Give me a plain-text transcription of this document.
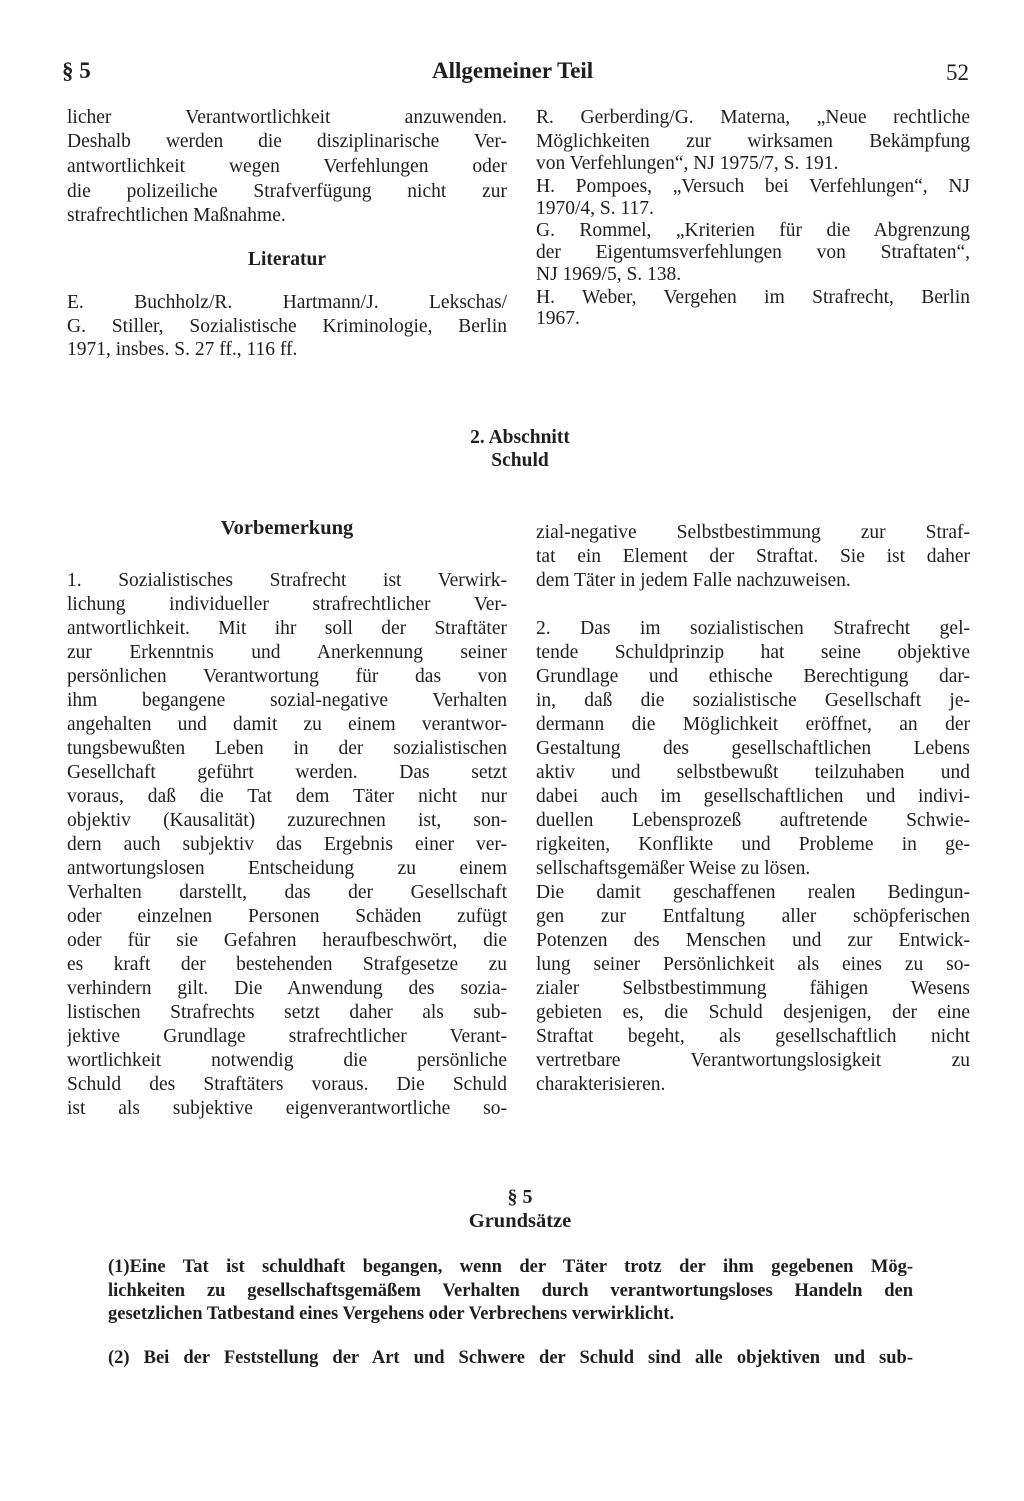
§ 5	Allgemeiner Teil	52
licher Verantwortlichkeit anzuwenden.
Deshalb werden die disziplinarische Ver-
antwortlichkeit wegen Verfehlungen oder
die polizeiliche Strafverfügung nicht zur
strafrechtlichen Maßnahme.
Literatur
E. Buchholz/R. Hartmann/J. Lekschas/
G. Stiller, Sozialistische Kriminologie, Berlin
1971, insbes. S. 27 ff., 116 ff.
R. Gerberding/G. Materna, „Neue rechtliche
Möglichkeiten zur wirksamen Bekämpfung
von Verfehlungen“, NJ 1975/7, S. 191.
H. Pompoes, „Versuch bei Verfehlungen“, NJ
1970/4, S. 117.
G. Rommel, „Kriterien für die Abgrenzung
der Eigentumsverfehlungen von Straftaten“,
NJ 1969/5, S. 138.
H. Weber, Vergehen im Strafrecht, Berlin
1967.
2. Abschnitt
Schuld
Vorbemerkung
1. Sozialistisches Strafrecht ist Verwirk-
lichung individueller strafrechtlicher Ver-
antwortlichkeit. Mit ihr soll der Straftäter
zur Erkenntnis und Anerkennung seiner
persönlichen Verantwortung für das von
ihm begangene sozial-negative Verhalten
angehalten und damit zu einem verantwor-
tungsbewußten Leben in der sozialistischen
Gesellchaft geführt werden. Das setzt
voraus, daß die Tat dem Täter nicht nur
objektiv (Kausalität) zuzurechnen ist, son-
dern auch subjektiv das Ergebnis einer ver-
antwortungslosen Entscheidung zu einem
Verhalten darstellt, das der Gesellschaft
oder einzelnen Personen Schäden zufügt
oder für sie Gefahren heraufbeschwört, die
es kraft der bestehenden Strafgesetze zu
verhindern gilt. Die Anwendung des sozia-
listischen Strafrechts setzt daher als sub-
jektive Grundlage strafrechtlicher Verant-
wortlichkeit notwendig die persönliche
Schuld des Straftäters voraus. Die Schuld
ist als subjektive eigenverantwortliche so-
zial-negative Selbstbestimmung zur Straf-
tat ein Element der Straftat. Sie ist daher
dem Täter in jedem Falle nachzuweisen.
2. Das im sozialistischen Strafrecht gel-
tende Schuldprinzip hat seine objektive
Grundlage und ethische Berechtigung dar-
in, daß die sozialistische Gesellschaft je-
dermann die Möglichkeit eröffnet, an der
Gestaltung des gesellschaftlichen Lebens
aktiv und selbstbewußt teilzuhaben und
dabei auch im gesellschaftlichen und indivi-
duellen Lebensprozeß auftretende Schwie-
rigkeiten, Konflikte und Probleme in ge-
sellschaftsgemäßer Weise zu lösen.
Die damit geschaffenen realen Bedingun-
gen zur Entfaltung aller schöpferischen
Potenzen des Menschen und zur Entwick-
lung seiner Persönlichkeit als eines zu so-
zialer Selbstbestimmung fähigen Wesens
gebieten es, die Schuld desjenigen, der eine
Straftat begeht, als gesellschaftlich nicht
vertretbare Verantwortungslosigkeit zu
charakterisieren.
§ 5
Grundsätze
(1)Eine Tat ist schuldhaft begangen, wenn der Täter trotz der ihm gegebenen Mög-
lichkeiten zu gesellschaftsgemäßem Verhalten durch verantwortungsloses Handeln den
gesetzlichen Tatbestand eines Vergehens oder Verbrechens verwirklicht.
(2) Bei der Feststellung der Art und Schwere der Schuld sind alle objektiven und sub-
